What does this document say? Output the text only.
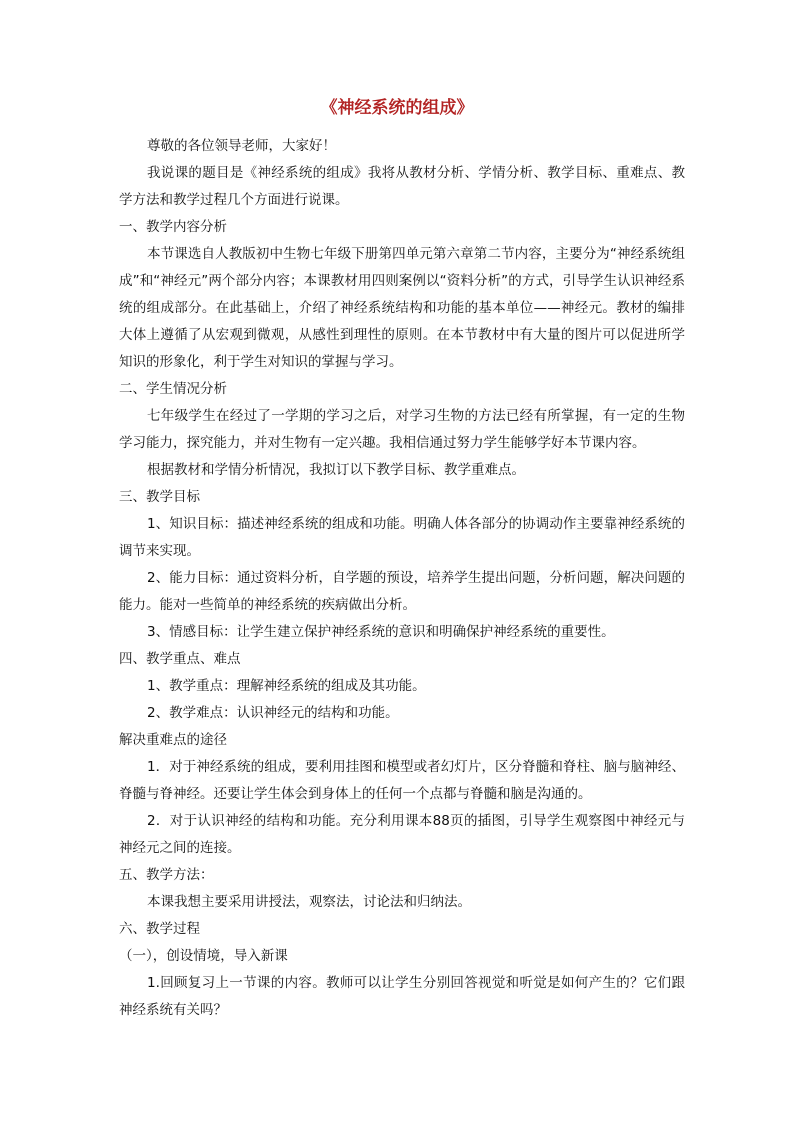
《神经系统的组成》

尊敬的各位领导老师，大家好！

我说课的题目是《神经系统的组成》我将从教材分析、学情分析、教学目标、重难点、教学方法和教学过程几个方面进行说课。

一、教学内容分析

本节课选自人教版初中生物七年级下册第四单元第六章第二节内容，主要分为“神经系统组成”和“神经元”两个部分内容；本课教材用四则案例以“资料分析”的方式，引导学生认识神经系统的组成部分。在此基础上，介绍了神经系统结构和功能的基本单位——神经元。教材的编排大体上遵循了从宏观到微观，从感性到理性的原则。在本节教材中有大量的图片可以促进所学知识的形象化，利于学生对知识的掌握与学习。

二、学生情况分析

七年级学生在经过了一学期的学习之后，对学习生物的方法已经有所掌握，有一定的生物学习能力，探究能力，并对生物有一定兴趣。我相信通过努力学生能够学好本节课内容。

根据教材和学情分析情况，我拟订以下教学目标、教学重难点。

三、教学目标

1、知识目标：描述神经系统的组成和功能。明确人体各部分的协调动作主要靠神经系统的调节来实现。

2、能力目标：通过资料分析，自学题的预设，培养学生提出问题，分析问题，解决问题的能力。能对一些简单的神经系统的疾病做出分析。

3、情感目标：让学生建立保护神经系统的意识和明确保护神经系统的重要性。

四、教学重点、难点

1、教学重点：理解神经系统的组成及其功能。

2、教学难点：认识神经元的结构和功能。

解决重难点的途径

1．对于神经系统的组成，要利用挂图和模型或者幻灯片，区分脊髓和脊柱、脑与脑神经、脊髓与脊神经。还要让学生体会到身体上的任何一个点都与脊髓和脑是沟通的。

2．对于认识神经的结构和功能。充分利用课本88页的插图，引导学生观察图中神经元与神经元之间的连接。

五、教学方法：

本课我想主要采用讲授法，观察法，讨论法和归纳法。

六、教学过程

（一），创设情境，导入新课

1.回顾复习上一节课的内容。教师可以让学生分别回答视觉和听觉是如何产生的？它们跟神经系统有关吗？
